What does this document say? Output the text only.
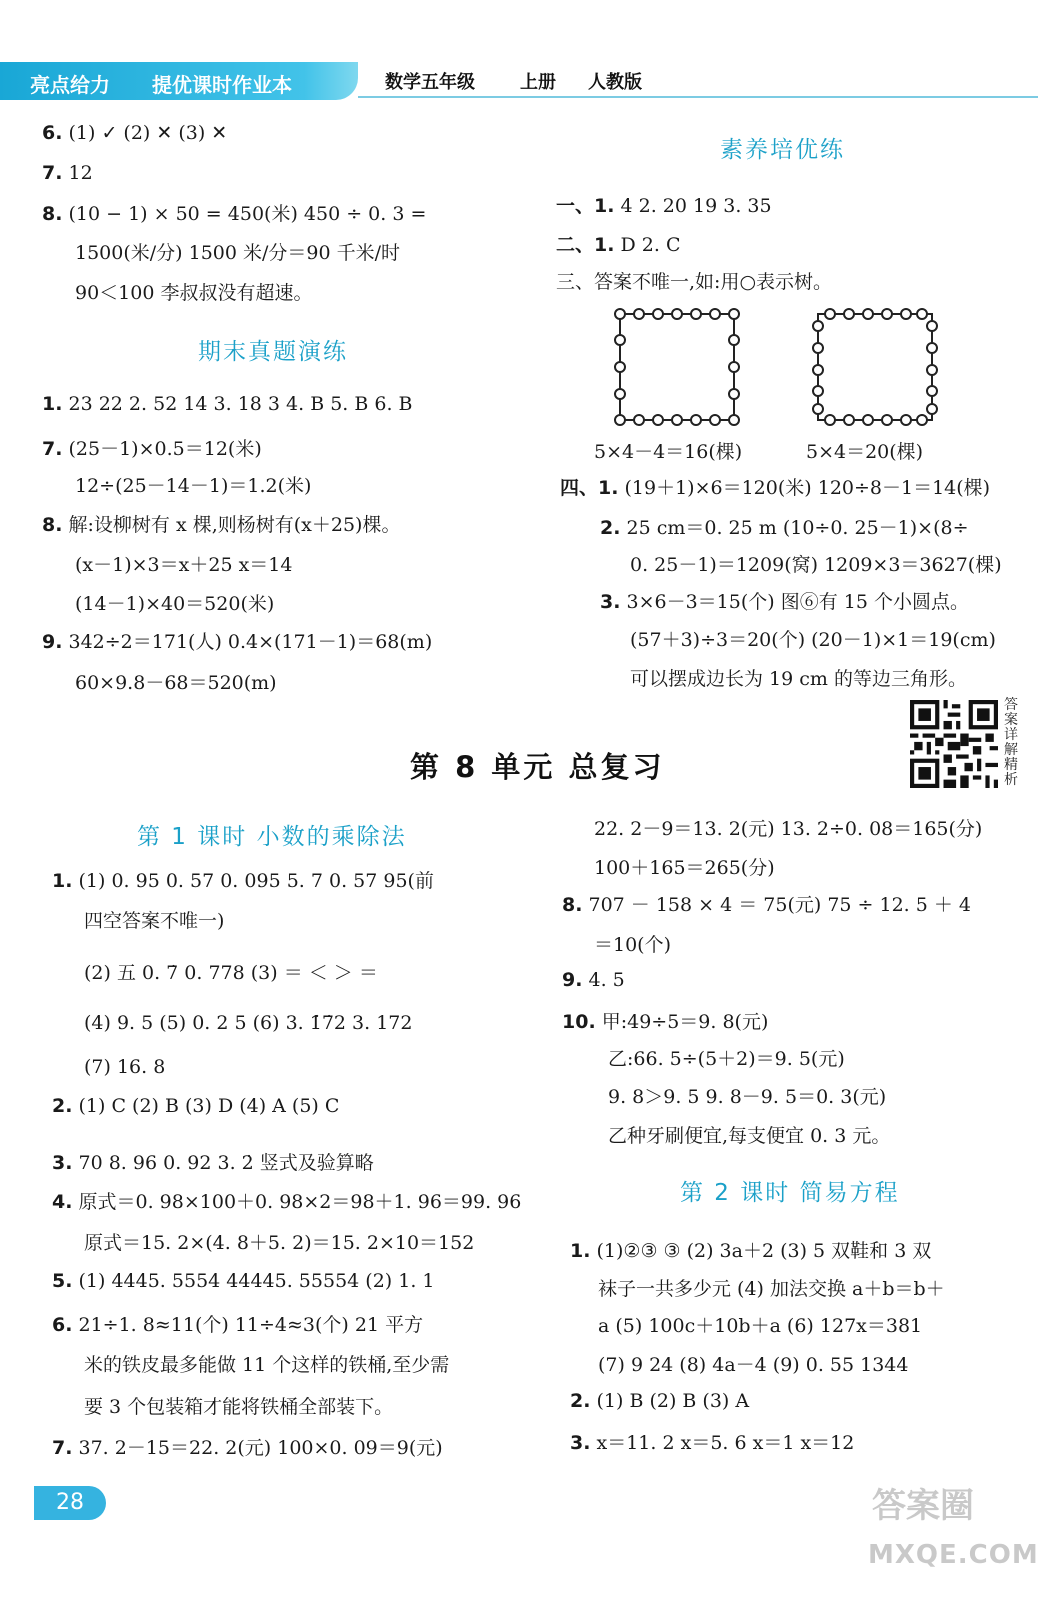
亮点给力 提优课时作业本	数学五年级	上册 人教版
6. (1) ✓ (2) ✕ (3) ✕
7. 12
8. (10 − 1) × 50 = 450(米) 450 ÷ 0. 3 =
1500(米/分) 1500 米/分＝90 千米/时
90＜100 李叔叔没有超速。
期末真题演练
1. 23 22 2. 52 14 3. 18 3 4. B 5. B 6. B
7. (25－1)×0.5＝12(米)
12÷(25－14－1)＝1.2(米)
8. 解:设柳树有 x 棵,则杨树有(x＋25)棵。
(x－1)×3＝x＋25 x＝14
(14－1)×40＝520(米)
9. 342÷2＝171(人) 0.4×(171－1)＝68(m)
60×9.8－68＝520(m)
素养培优练
一、1. 4 2. 20 19 3. 35
二、1. D 2. C
三、答案不唯一,如:用○表示树。
5×4－4＝16(棵)	5×4＝20(棵)
四、1. (19＋1)×6＝120(米) 120÷8－1＝14(棵)
2. 25 cm＝0. 25 m (10÷0. 25－1)×(8÷
0. 25－1)＝1209(窝) 1209×3＝3627(棵)
3. 3×6－3＝15(个) 图⑥有 15 个小圆点。
(57＋3)÷3＝20(个) (20－1)×1＝19(cm)
可以摆成边长为 19 cm 的等边三角形。
答案详解精析
第 8 单元 总复习
第 1 课时 小数的乘除法
1. (1) 0. 95 0. 57 0. 095 5. 7 0. 57 95(前
四空答案不唯一)
(2) 五 0. 7̇ 0. 778 (3) ＝ ＜ ＞ ＝
(4) 9. 5 (5) 0. 2 5 (6) 3. 1̇7̇2 3. 172
(7) 16. 8
2. (1) C (2) B (3) D (4) A (5) C
3. 70 8. 96 0. 92 3. 2̇ 竖式及验算略
4. 原式＝0. 98×100＋0. 98×2＝98＋1. 96＝99. 96
原式＝15. 2×(4. 8＋5. 2)＝15. 2×10＝152
5. (1) 4445. 5554 44445. 55554 (2) 1. 1
6. 21÷1. 8≈11(个) 11÷4≈3(个) 21 平方
米的铁皮最多能做 11 个这样的铁桶,至少需
要 3 个包装箱才能将铁桶全部装下。
7. 37. 2－15＝22. 2(元) 100×0. 09＝9(元)
22. 2－9＝13. 2(元) 13. 2÷0. 08＝165(分)
100＋165＝265(分)
8. 707 － 158 × 4 ＝ 75(元) 75 ÷ 12. 5 ＋ 4
＝10(个)
9. 4. 5
10. 甲:49÷5＝9. 8(元)
乙:66. 5÷(5＋2)＝9. 5(元)
9. 8＞9. 5 9. 8－9. 5＝0. 3(元)
乙种牙刷便宜,每支便宜 0. 3 元。
第 2 课时 简易方程
1. (1)②③ ③ (2) 3a＋2 (3) 5 双鞋和 3 双
袜子一共多少元 (4) 加法交换 a＋b＝b＋
a (5) 100c＋10b＋a (6) 127x＝381
(7) 9 24 (8) 4a－4 (9) 0. 55 1344
2. (1) B (2) B (3) A
3. x＝11. 2 x＝5. 6 x＝1 x＝12
28	答案圈
MXQE.COM
